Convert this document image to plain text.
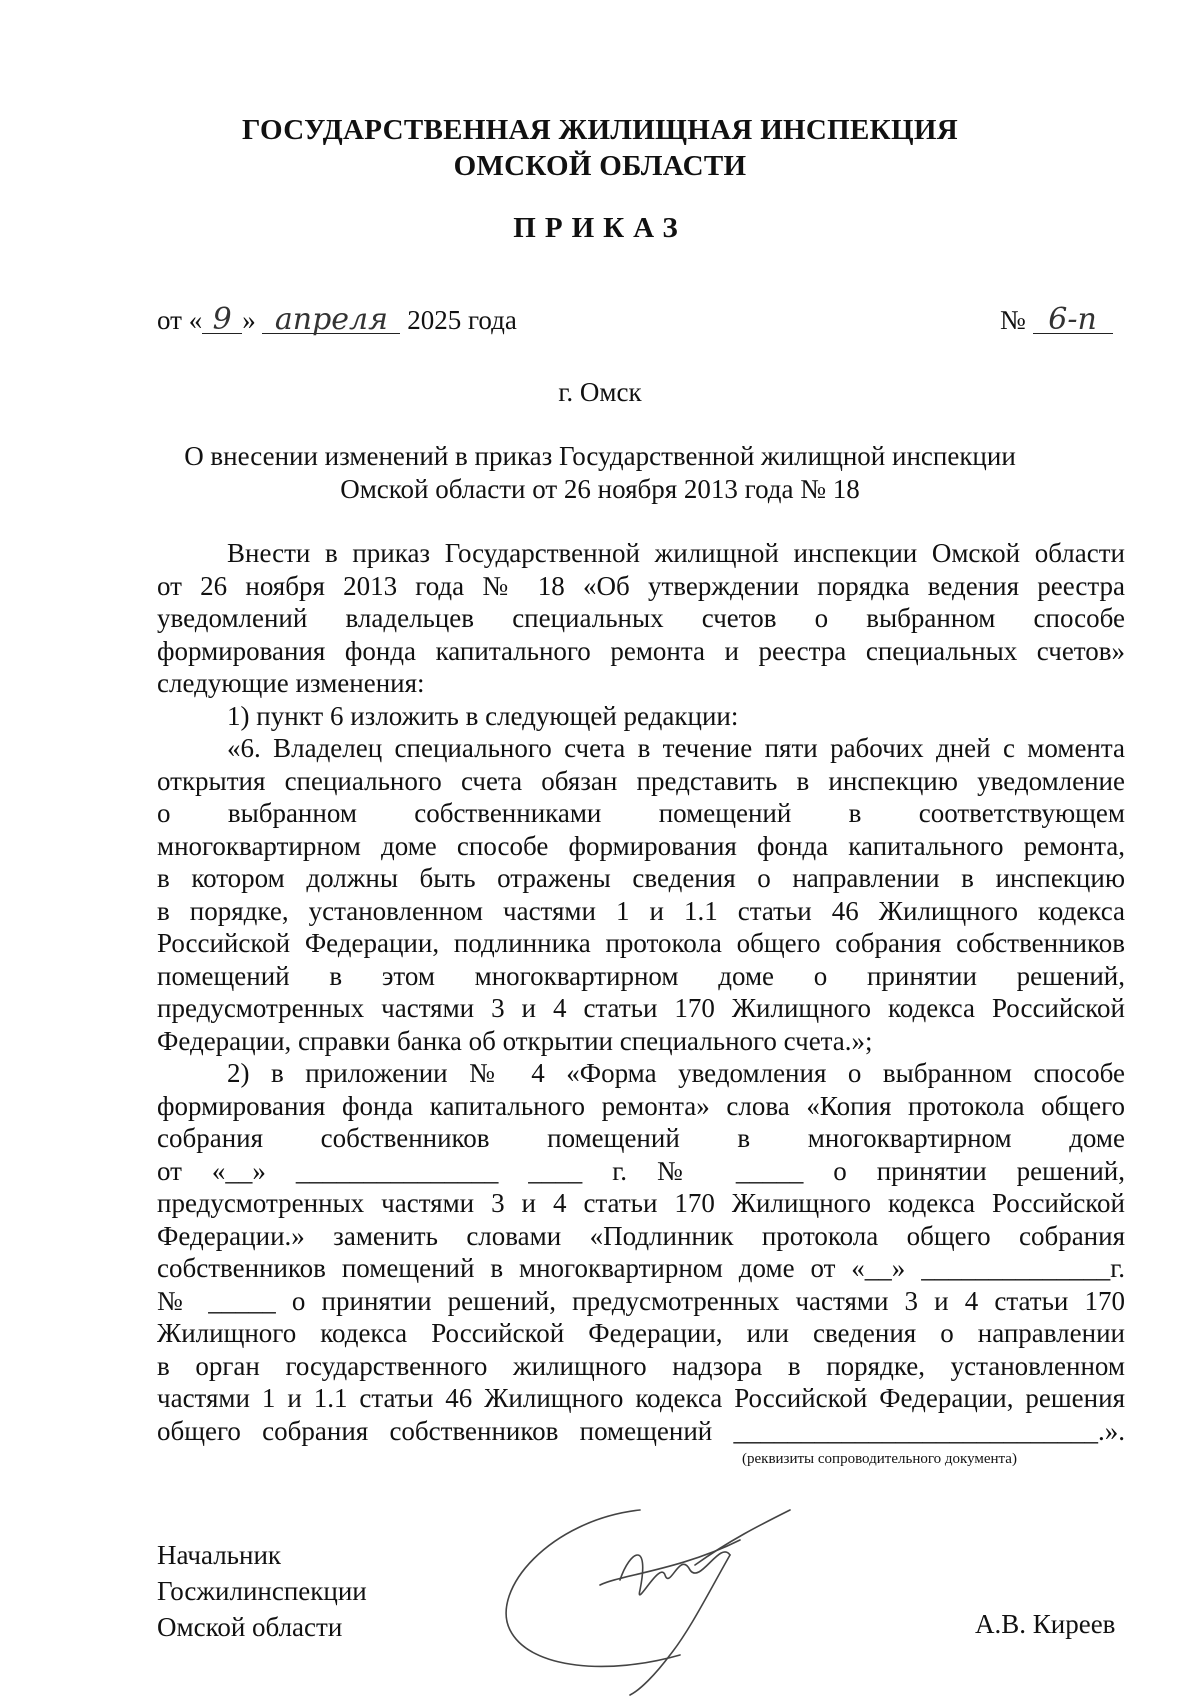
ГОСУДАРСТВЕННАЯ ЖИЛИЩНАЯ ИНСПЕКЦИЯ
ОМСКОЙ ОБЛАСТИ
ПРИКАЗ
от « 9 » апреля 2025 года	№ 6-п
г. Омск
О внесении изменений в приказ Государственной жилищной инспекции
Омской области от 26 ноября 2013 года № 18
Внести в приказ Государственной жилищной инспекции Омской области
от 26 ноября 2013 года № 18 «Об утверждении порядка ведения реестра
уведомлений владельцев специальных счетов о выбранном способе
формирования фонда капитального ремонта и реестра специальных счетов»
следующие изменения:
1) пункт 6 изложить в следующей редакции:
«6. Владелец специального счета в течение пяти рабочих дней с момента
открытия специального счета обязан представить в инспекцию уведомление
о выбранном собственниками помещений в соответствующем
многоквартирном доме способе формирования фонда капитального ремонта,
в котором должны быть отражены сведения о направлении в инспекцию
в порядке, установленном частями 1 и 1.1 статьи 46 Жилищного кодекса
Российской Федерации, подлинника протокола общего собрания собственников
помещений в этом многоквартирном доме о принятии решений,
предусмотренных частями 3 и 4 статьи 170 Жилищного кодекса Российской
Федерации, справки банка об открытии специального счета.»;
2) в приложении № 4 «Форма уведомления о выбранном способе
формирования фонда капитального ремонта» слова «Копия протокола общего
собрания собственников помещений в многоквартирном доме
от «__» _______________ ____ г. № _____ о принятии решений,
предусмотренных частями 3 и 4 статьи 170 Жилищного кодекса Российской
Федерации.» заменить словами «Подлинник протокола общего собрания
собственников помещений в многоквартирном доме от «__» ______________г.
№ _____ о принятии решений, предусмотренных частями 3 и 4 статьи 170
Жилищного кодекса Российской Федерации, или сведения о направлении
в орган государственного жилищного надзора в порядке, установленном
частями 1 и 1.1 статьи 46 Жилищного кодекса Российской Федерации, решения
общего собрания собственников помещений ___________________________.».
(реквизиты сопроводительного документа)
Начальник
Госжилинспекции
Омской области	А.В. Киреев
